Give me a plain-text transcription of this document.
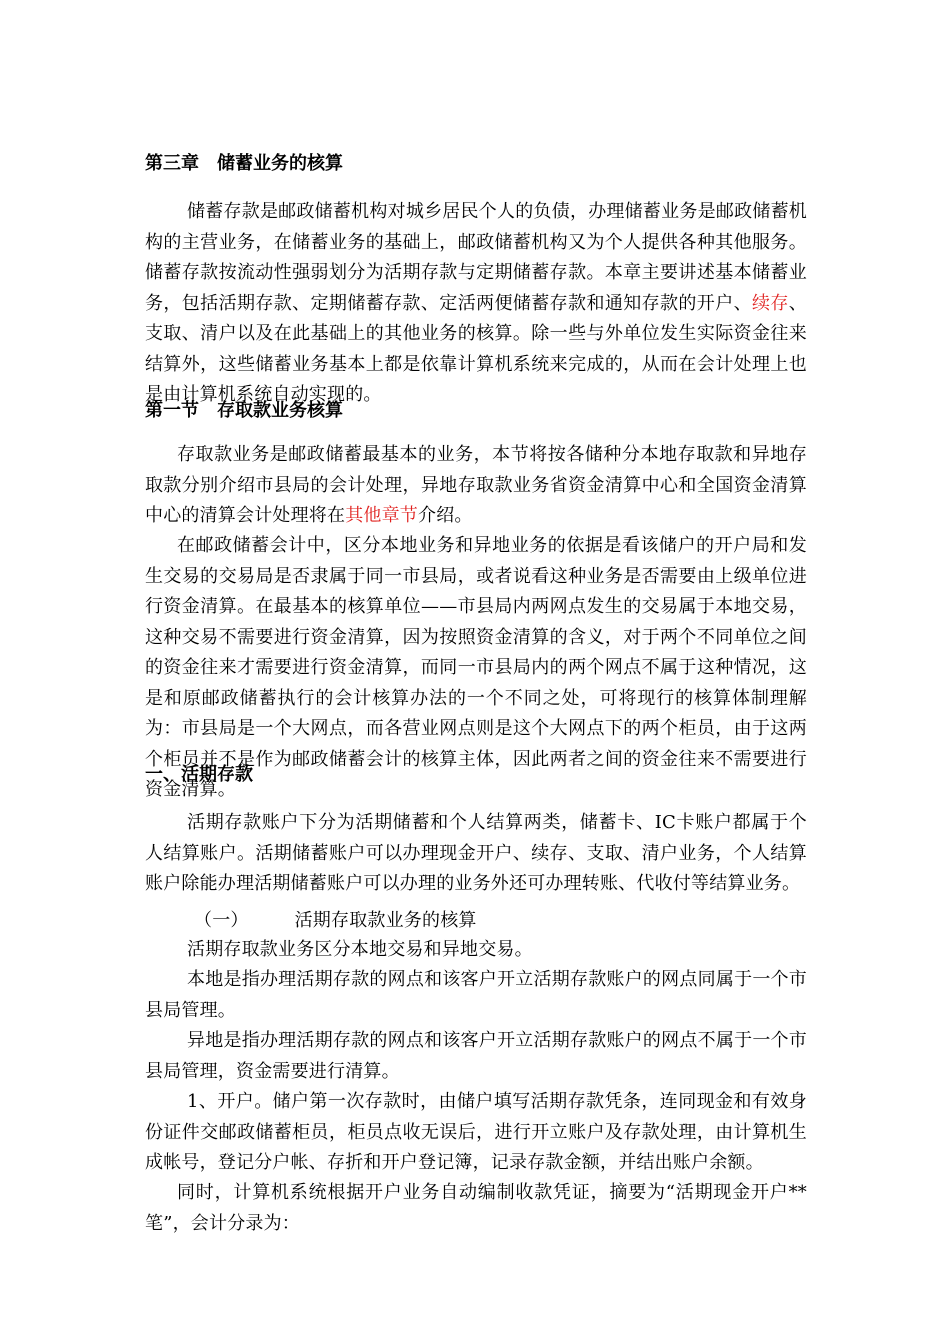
第三章　储蓄业务的核算

储蓄存款是邮政储蓄机构对城乡居民个人的负债，办理储蓄业务是邮政储蓄机构的主营业务，在储蓄业务的基础上，邮政储蓄机构又为个人提供各种其他服务。储蓄存款按流动性强弱划分为活期存款与定期储蓄存款。本章主要讲述基本储蓄业务，包括活期存款、定期储蓄存款、定活两便储蓄存款和通知存款的开户、续存、支取、清户以及在此基础上的其他业务的核算。除一些与外单位发生实际资金往来结算外，这些储蓄业务基本上都是依靠计算机系统来完成的，从而在会计处理上也是由计算机系统自动实现的。

第一节　存取款业务核算

存取款业务是邮政储蓄最基本的业务，本节将按各储种分本地存取款和异地存取款分别介绍市县局的会计处理，异地存取款业务省资金清算中心和全国资金清算中心的清算会计处理将在其他章节介绍。

在邮政储蓄会计中，区分本地业务和异地业务的依据是看该储户的开户局和发生交易的交易局是否隶属于同一市县局，或者说看这种业务是否需要由上级单位进行资金清算。在最基本的核算单位——市县局内两网点发生的交易属于本地交易，这种交易不需要进行资金清算，因为按照资金清算的含义，对于两个不同单位之间的资金往来才需要进行资金清算，而同一市县局内的两个网点不属于这种情况，这是和原邮政储蓄执行的会计核算办法的一个不同之处，可将现行的核算体制理解为：市县局是一个大网点，而各营业网点则是这个大网点下的两个柜员，由于这两个柜员并不是作为邮政储蓄会计的核算主体，因此两者之间的资金往来不需要进行资金清算。

一、活期存款

活期存款账户下分为活期储蓄和个人结算两类，储蓄卡、IC卡账户都属于个人结算账户。活期储蓄账户可以办理现金开户、续存、支取、清户业务，个人结算账户除能办理活期储蓄账户可以办理的业务外还可办理转账、代收付等结算业务。

（一）	活期存取款业务的核算

活期存取款业务区分本地交易和异地交易。

本地是指办理活期存款的网点和该客户开立活期存款账户的网点同属于一个市县局管理。

异地是指办理活期存款的网点和该客户开立活期存款账户的网点不属于一个市县局管理，资金需要进行清算。

1、开户。储户第一次存款时，由储户填写活期存款凭条，连同现金和有效身份证件交邮政储蓄柜员，柜员点收无误后，进行开立账户及存款处理，由计算机生成帐号，登记分户帐、存折和开户登记簿，记录存款金额，并结出账户余额。

同时，计算机系统根据开户业务自动编制收款凭证，摘要为“活期现金开户**笔”，会计分录为：
